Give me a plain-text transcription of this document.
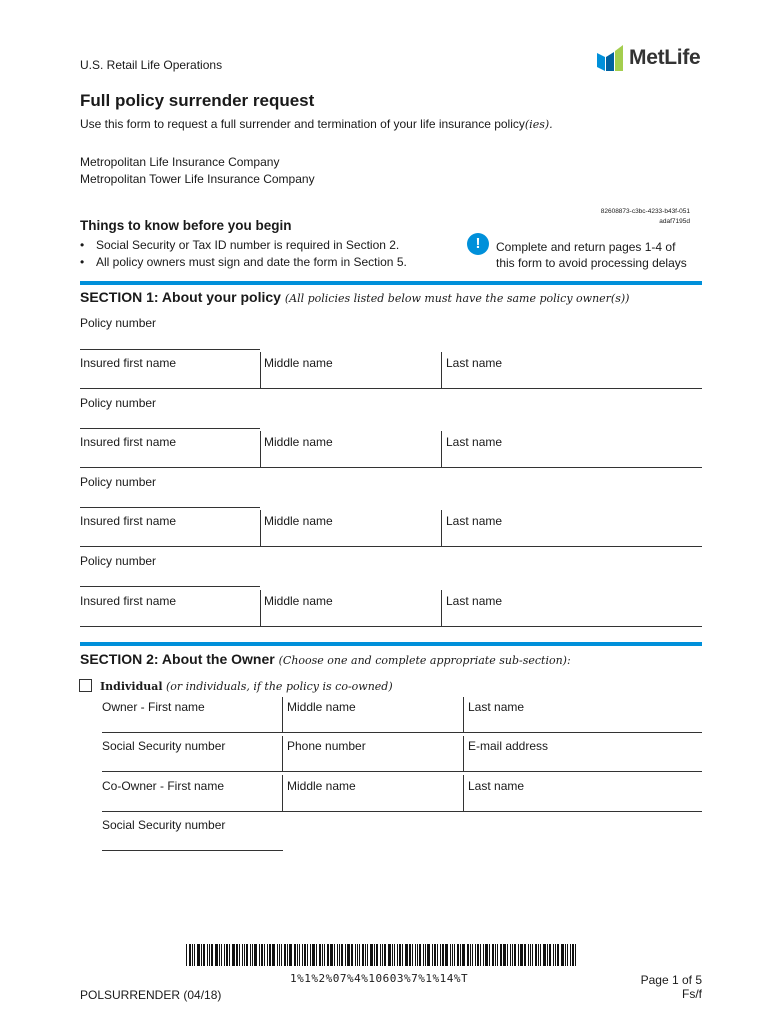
U.S. Retail Life Operations	MetLife
Full policy surrender request
Use this form to request a full surrender and termination of your life insurance policy(ies).
Metropolitan Life Insurance Company
Metropolitan Tower Life Insurance Company
82608873-c3bc-4233-b43f-051adaf7195d
Things to know before you begin
• Social Security or Tax ID number is required in Section 2.
• All policy owners must sign and date the form in Section 5.
!	Complete and return pages 1-4 of
this form to avoid processing delays
SECTION 1: About your policy (All policies listed below must have the same policy owner(s))
Policy number
Insured first name	Middle name	Last name
Policy number
Insured first name	Middle name	Last name
Policy number
Insured first name	Middle name	Last name
Policy number
Insured first name	Middle name	Last name
SECTION 2: About the Owner (Choose one and complete appropriate sub-section):
Individual (or individuals, if the policy is co-owned)
Owner - First name	Middle name	Last name
Social Security number	Phone number	E-mail address
Co-Owner - First name	Middle name	Last name
Social Security number
1%1%2%07%4%10603%7%1%14%T
POLSURRENDER (04/18)
Page 1 of 5
Fs/f
